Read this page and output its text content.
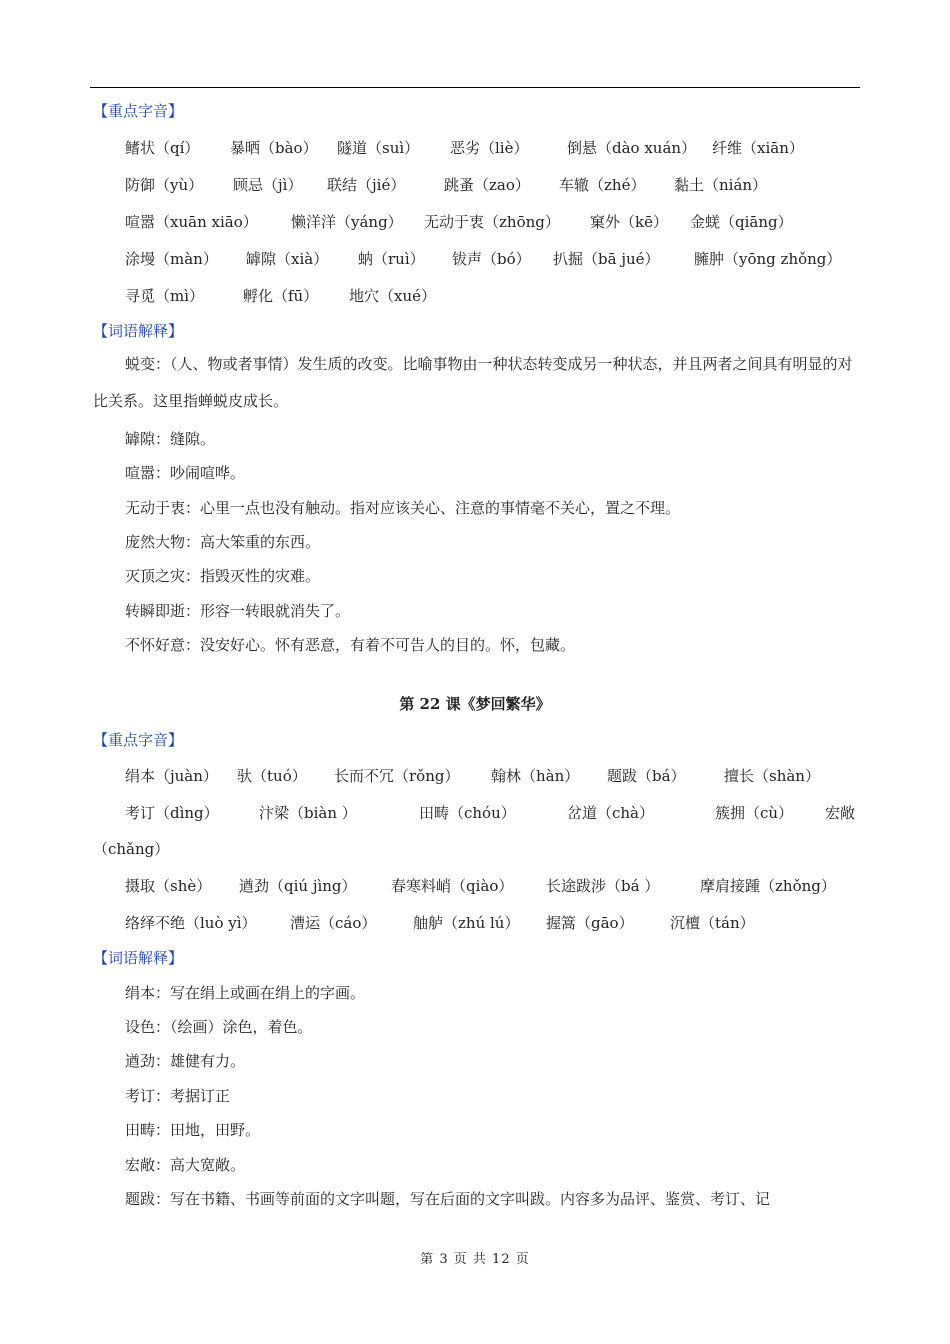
【重点字音】
鳍状（qí） 暴晒（bào） 隧道（suì） 恶劣（liè）	倒悬（dào xuán） 纤维（xiān）
防御（yù） 顾忌（jì） 联结（jié）	跳蚤（zao） 车辙（zhé） 黏土（nián）
喧嚣（xuān xiāo） 懒洋洋（yáng） 无动于衷（zhōng） 窠外（kē） 金蜣（qiāng）
涂墁（màn） 罅隙（xià） 蚋（ruì） 钹声（bó） 扒掘（bā jué） 臃肿（yōng zhǒng）
寻觅（mì）	孵化（fū） 地穴（xué）
【词语解释】
蜕变：（人、物或者事情）发生质的改变。比喻事物由一种状态转变成另一种状态，并且两者之间具有明显的对比关系。这里指蝉蜕皮成长。
罅隙：缝隙。
喧嚣：吵闹喧哗。
无动于衷：心里一点也没有触动。指对应该关心、注意的事情毫不关心，置之不理。
庞然大物：高大笨重的东西。
灭顶之灾：指毁灭性的灾难。
转瞬即逝：形容一转眼就消失了。
不怀好意：没安好心。怀有恶意，有着不可告人的目的。怀，包藏。
第 22 课《梦回繁华》
【重点字音】
绢本（juàn） 驮（tuó） 长而不冗（rǒng） 翰林（hàn） 题跋（bá）	擅长（shàn）
考订（dìng）	汴梁（biàn ）	田畴（chóu）	岔道（chà）	簇拥（cù） 宏敞
（chǎng）
摄取（shè） 遒劲（qiú jìng） 春寒料峭（qiào） 长途跋涉（bá ）	摩肩接踵（zhǒng）
络绎不绝（luò yì） 漕运（cáo） 舳舻（zhú lú） 握篙（gāo） 沉檀（tán）
【词语解释】
绢本：写在绢上或画在绢上的字画。
设色：（绘画）涂色，着色。
遒劲：雄健有力。
考订：考据订正
田畴：田地，田野。
宏敞：高大宽敞。
题跋：写在书籍、书画等前面的文字叫题，写在后面的文字叫跋。内容多为品评、鉴赏、考订、记
第 3 页 共 12 页
